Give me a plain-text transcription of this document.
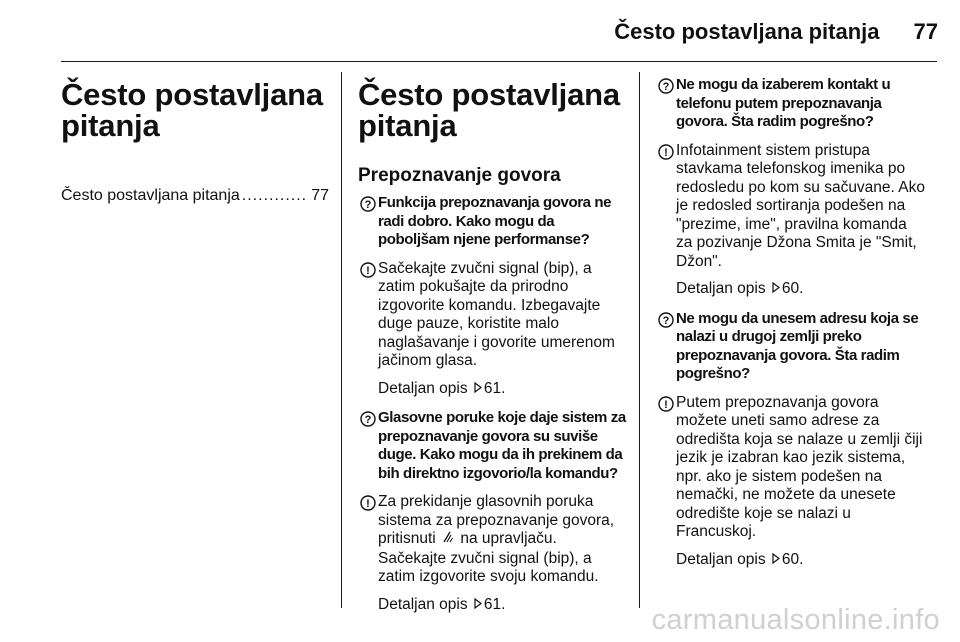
Često postavljana pitanja 77
Često postavljana pitanja
Često postavljana pitanja ............ 77
Često postavljana pitanja
Prepoznavanje govora
? Funkcija prepoznavanja govora ne radi dobro. Kako mogu da poboljšam njene performanse?
! Sačekajte zvučni signal (bip), a zatim pokušajte da prirodno izgovorite komandu. Izbegavajte duge pauze, koristite malo naglašavanje i govorite umerenom jačinom glasa.
Detaljan opis 61.
? Glasovne poruke koje daje sistem za prepoznavanje govora su suviše duge. Kako mogu da ih prekinem da bih direktno izgovorio/la komandu?
! Za prekidanje glasovnih poruka sistema za prepoznavanje govora, pritisnuti na upravljaču. Sačekajte zvučni signal (bip), a zatim izgovorite svoju komandu.
Detaljan opis 61.
? Ne mogu da izaberem kontakt u telefonu putem prepoznavanja govora. Šta radim pogrešno?
! Infotainment sistem pristupa stavkama telefonskog imenika po redosledu po kom su sačuvane. Ako je redosled sortiranja podešen na "prezime, ime", pravilna komanda za pozivanje Džona Smita je "Smit, Džon".
Detaljan opis 60.
? Ne mogu da unesem adresu koja se nalazi u drugoj zemlji preko prepoznavanja govora. Šta radim pogrešno?
! Putem prepoznavanja govora možete uneti samo adrese za odredišta koja se nalaze u zemlji čiji jezik je izabran kao jezik sistema, npr. ako je sistem podešen na nemački, ne možete da unesete odredište koje se nalazi u Francuskoj.
Detaljan opis 60.
carmanualsonline.info
